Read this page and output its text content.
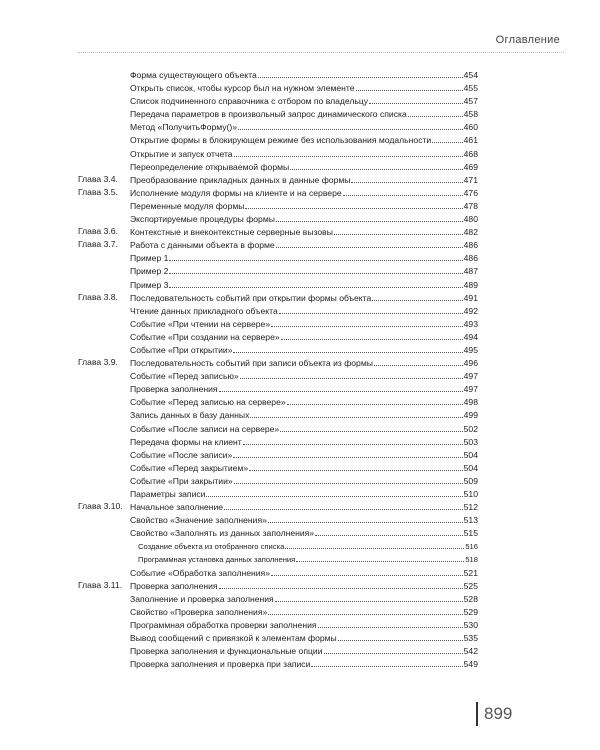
Оглавление
Форма существующего объекта	454
Открыть список, чтобы курсор был на нужном элементе	455
Список подчиненного справочника с отбором по владельцу	457
Передача параметров в произвольный запрос динамического списка	458
Метод «ПолучитьФорму()»	460
Открытие формы в блокирующем режиме без использования модальности	461
Открытие и запуск отчета	468
Переопределение открываемой формы	469
Глава 3.4. Преобразование прикладных данных в данные формы	471
Глава 3.5. Исполнение модуля формы на клиенте и на сервере	476
Переменные модуля формы	478
Экспортируемые процедуры формы	480
Глава 3.6. Контекстные и внеконтекстные серверные вызовы	482
Глава 3.7. Работа с данными объекта в форме	486
Пример 1	486
Пример 2	487
Пример 3	489
Глава 3.8. Последовательность событий при открытии формы объекта	491
Чтение данных прикладного объекта	492
Событие «При чтении на сервере»	493
Событие «При создании на сервере»	494
Событие «При открытии»	495
Глава 3.9. Последовательность событий при записи объекта из формы	496
Событие «Перед записью»	497
Проверка заполнения	497
Событие «Перед записью на сервере»	498
Запись данных в базу данных	499
Событие «После записи на сервере»	502
Передача формы на клиент	503
Событие «После записи»	504
Событие «Перед закрытием»	504
Событие «При закрытии»	509
Параметры записи	510
Глава 3.10. Начальное заполнение	512
Свойство «Значение заполнения»	513
Свойство «Заполнять из данных заполнения»	515
Создание объекта из отобранного списка	516
Программная установка данных заполнения	518
Событие «Обработка заполнения»	521
Глава 3.11. Проверка заполнения	525
Заполнение и проверка заполнения	528
Свойство «Проверка заполнения»	529
Программная обработка проверки заполнения	530
Вывод сообщений с привязкой к элементам формы	535
Проверка заполнения и функциональные опции	542
Проверка заполнения и проверка при записи	549
899
